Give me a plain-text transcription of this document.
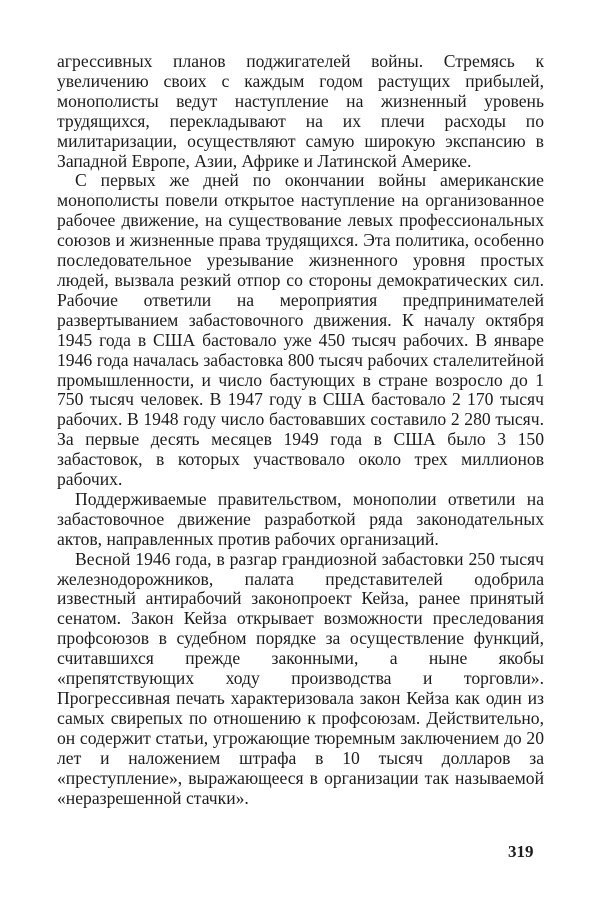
агрессивных планов поджигателей войны. Стремясь к увеличению своих с каждым годом растущих прибылей, монополисты ведут наступление на жизненный уровень трудящихся, перекладывают на их плечи расходы по милитаризации, осуществляют самую широкую экспансию в Западной Европе, Азии, Африке и Латинской Америке.

С первых же дней по окончании войны американские монополисты повели открытое наступление на организованное рабочее движение, на существование левых профессиональных союзов и жизненные права трудящихся. Эта политика, особенно последовательное урезывание жизненного уровня простых людей, вызвала резкий отпор со стороны демократических сил. Рабочие ответили на мероприятия предпринимателей развертыванием забастовочного движения. К началу октября 1945 года в США бастовало уже 450 тысяч рабочих. В январе 1946 года началась забастовка 800 тысяч рабочих сталелитейной промышленности, и число бастующих в стране возросло до 1 750 тысяч человек. В 1947 году в США бастовало 2 170 тысяч рабочих. В 1948 году число бастовавших составило 2 280 тысяч. За первые десять месяцев 1949 года в США было 3 150 забастовок, в которых участвовало около трех миллионов рабочих.

Поддерживаемые правительством, монополии ответили на забастовочное движение разработкой ряда законодательных актов, направленных против рабочих организаций.

Весной 1946 года, в разгар грандиозной забастовки 250 тысяч железнодорожников, палата представителей одобрила известный антирабочий законопроект Кейза, ранее принятый сенатом. Закон Кейза открывает возможности преследования профсоюзов в судебном порядке за осуществление функций, считавшихся прежде законными, а ныне якобы «препятствующих ходу производства и торговли». Прогрессивная печать характеризовала закон Кейза как один из самых свирепых по отношению к профсоюзам. Действительно, он содержит статьи, угрожающие тюремным заключением до 20 лет и наложением штрафа в 10 тысяч долларов за «преступление», выражающееся в организации так называемой «неразрешенной стачки».

319
